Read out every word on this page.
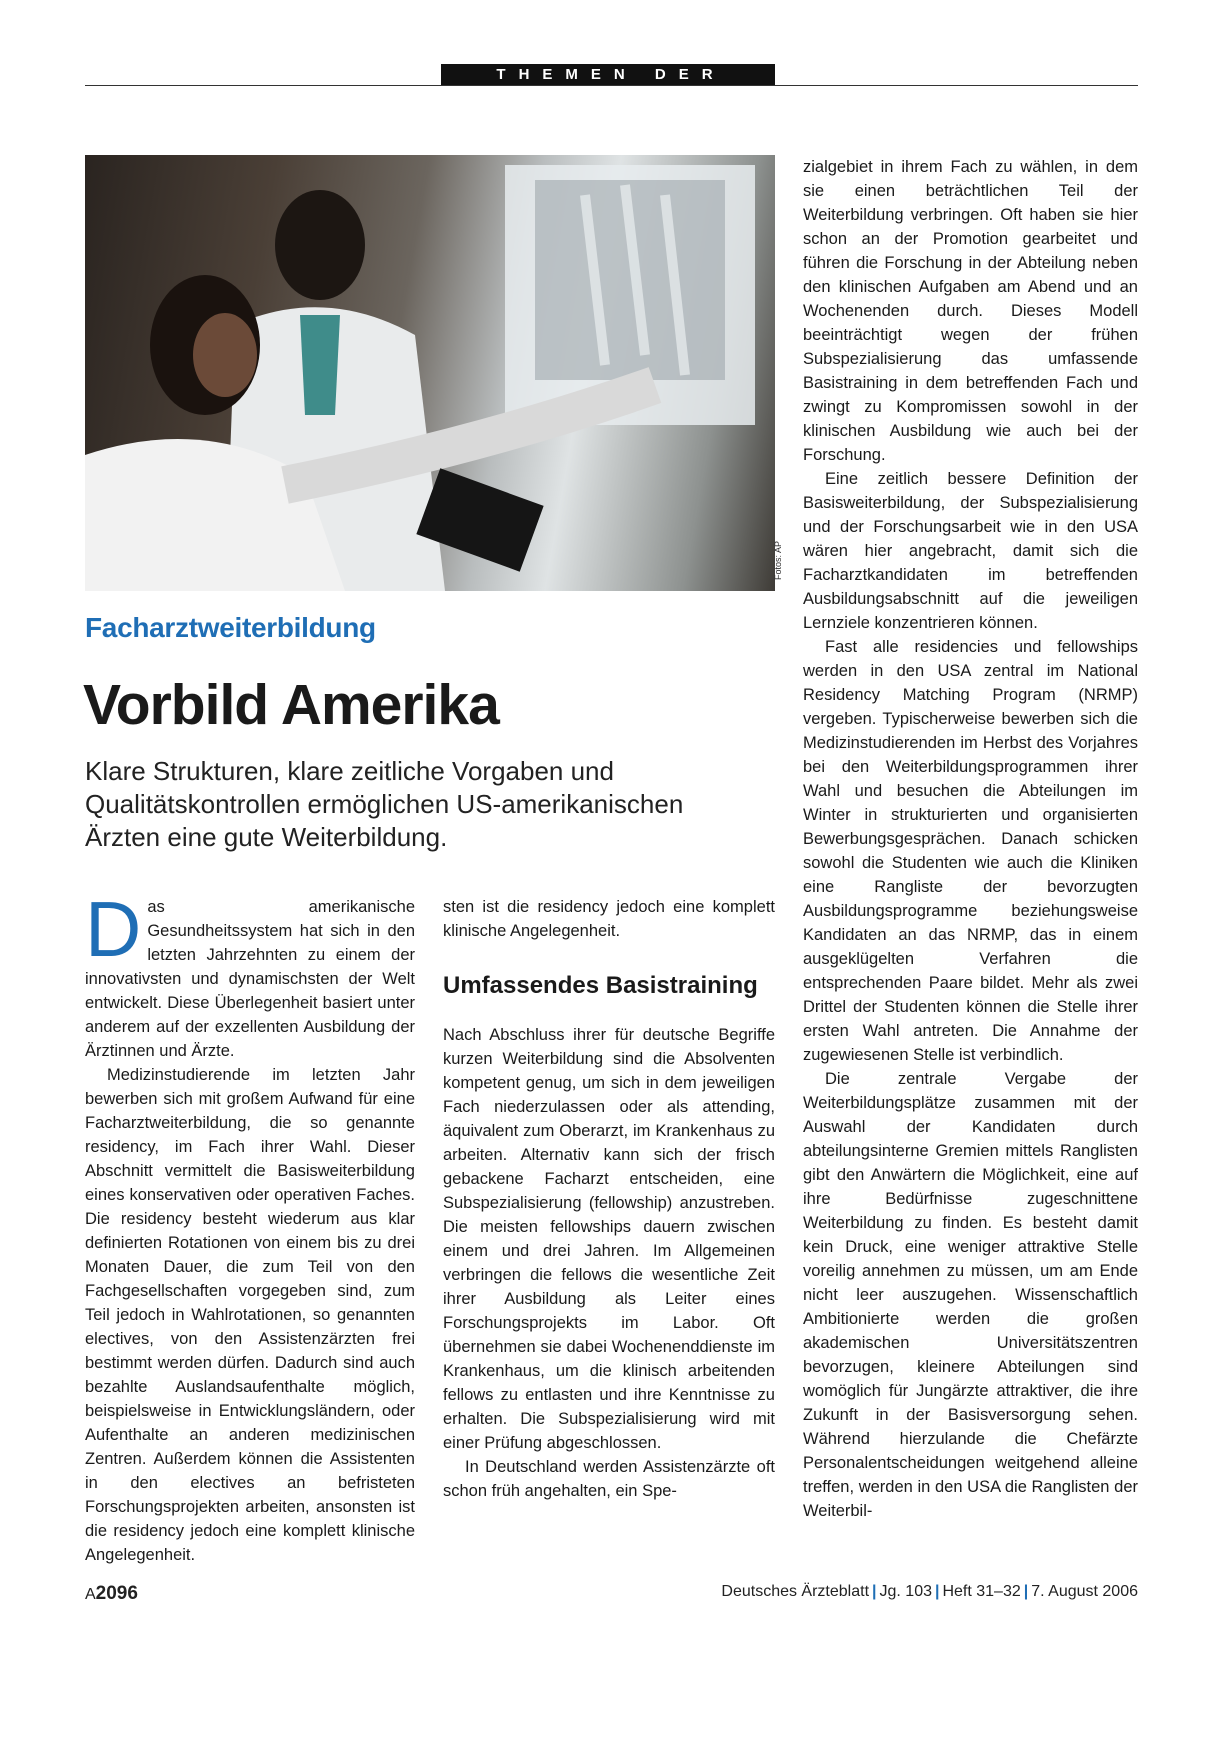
THEMEN DER ZEIT
Fotos: AP
Facharztweiterbildung
Vorbild Amerika
Klare Strukturen, klare zeitliche Vorgaben und Qualitätskontrollen ermöglichen US-amerikanischen Ärzten eine gute Weiterbildung.

Das amerikanische Gesundheitssystem hat sich in den letzten Jahrzehnten zu einem der innovativsten und dynamischsten der Welt entwickelt. Diese Überlegenheit basiert unter anderem auf der exzellenten Ausbildung der Ärztinnen und Ärzte.

Medizinstudierende im letzten Jahr bewerben sich mit großem Aufwand für eine Facharztweiterbildung, die so genannte residency, im Fach ihrer Wahl. Dieser Abschnitt vermittelt die Basisweiterbildung eines konservativen oder operativen Faches. Die residency besteht wiederum aus klar definierten Rotationen von einem bis zu drei Monaten Dauer, die zum Teil von den Fachgesellschaften vorgegeben sind, zum Teil jedoch in Wahlrotationen, so genannten electives, von den Assistenzärzten frei bestimmt werden dürfen. Dadurch sind auch bezahlte Auslandsaufenthalte möglich, beispielsweise in Entwicklungsländern, oder Aufenthalte an anderen medizinischen Zentren. Außerdem können die Assistenten in den electives an befristeten Forschungsprojekten arbeiten, ansonsten ist die residency jedoch eine komplett klinische Angelegenheit.

sten ist die residency jedoch eine komplett klinische Angelegenheit.

Umfassendes Basistraining

Nach Abschluss ihrer für deutsche Begriffe kurzen Weiterbildung sind die Absolventen kompetent genug, um sich in dem jeweiligen Fach niederzulassen oder als attending, äquivalent zum Oberarzt, im Krankenhaus zu arbeiten. Alternativ kann sich der frisch gebackene Facharzt entscheiden, eine Subspezialisierung (fellowship) anzustreben. Die meisten fellowships dauern zwischen einem und drei Jahren. Im Allgemeinen verbringen die fellows die wesentliche Zeit ihrer Ausbildung als Leiter eines Forschungsprojekts im Labor. Oft übernehmen sie dabei Wochenenddienste im Krankenhaus, um die klinisch arbeitenden fellows zu entlasten und ihre Kenntnisse zu erhalten. Die Subspezialisierung wird mit einer Prüfung abgeschlossen.

In Deutschland werden Assistenzärzte oft schon früh angehalten, ein Spe-

zialgebiet in ihrem Fach zu wählen, in dem sie einen beträchtlichen Teil der Weiterbildung verbringen. Oft haben sie hier schon an der Promotion gearbeitet und führen die Forschung in der Abteilung neben den klinischen Aufgaben am Abend und an Wochenenden durch. Dieses Modell beeinträchtigt wegen der frühen Subspezialisierung das umfassende Basistraining in dem betreffenden Fach und zwingt zu Kompromissen sowohl in der klinischen Ausbildung wie auch bei der Forschung.

Eine zeitlich bessere Definition der Basisweiterbildung, der Subspezialisierung und der Forschungsarbeit wie in den USA wären hier angebracht, damit sich die Facharztkandidaten im betreffenden Ausbildungsabschnitt auf die jeweiligen Lernziele konzentrieren können.

Fast alle residencies und fellowships werden in den USA zentral im National Residency Matching Program (NRMP) vergeben. Typischerweise bewerben sich die Medizinstudierenden im Herbst des Vorjahres bei den Weiterbildungsprogrammen ihrer Wahl und besuchen die Abteilungen im Winter in strukturierten und organisierten Bewerbungsgesprächen. Danach schicken sowohl die Studenten wie auch die Kliniken eine Rangliste der bevorzugten Ausbildungsprogramme beziehungsweise Kandidaten an das NRMP, das in einem ausgeklügelten Verfahren die entsprechenden Paare bildet. Mehr als zwei Drittel der Studenten können die Stelle ihrer ersten Wahl antreten. Die Annahme der zugewiesenen Stelle ist verbindlich.

Die zentrale Vergabe der Weiterbildungsplätze zusammen mit der Auswahl der Kandidaten durch abteilungsinterne Gremien mittels Ranglisten gibt den Anwärtern die Möglichkeit, eine auf ihre Bedürfnisse zugeschnittene Weiterbildung zu finden. Es besteht damit kein Druck, eine weniger attraktive Stelle voreilig annehmen zu müssen, um am Ende nicht leer auszugehen. Wissenschaftlich Ambitionierte werden die großen akademischen Universitätszentren bevorzugen, kleinere Abteilungen sind womöglich für Jungärzte attraktiver, die ihre Zukunft in der Basisversorgung sehen. Während hierzulande die Chefärzte Personalentscheidungen weitgehend alleine treffen, werden in den USA die Ranglisten der Weiterbil-

A2096	Deutsches Ärzteblatt | Jg. 103 | Heft 31–32 | 7. August 2006
